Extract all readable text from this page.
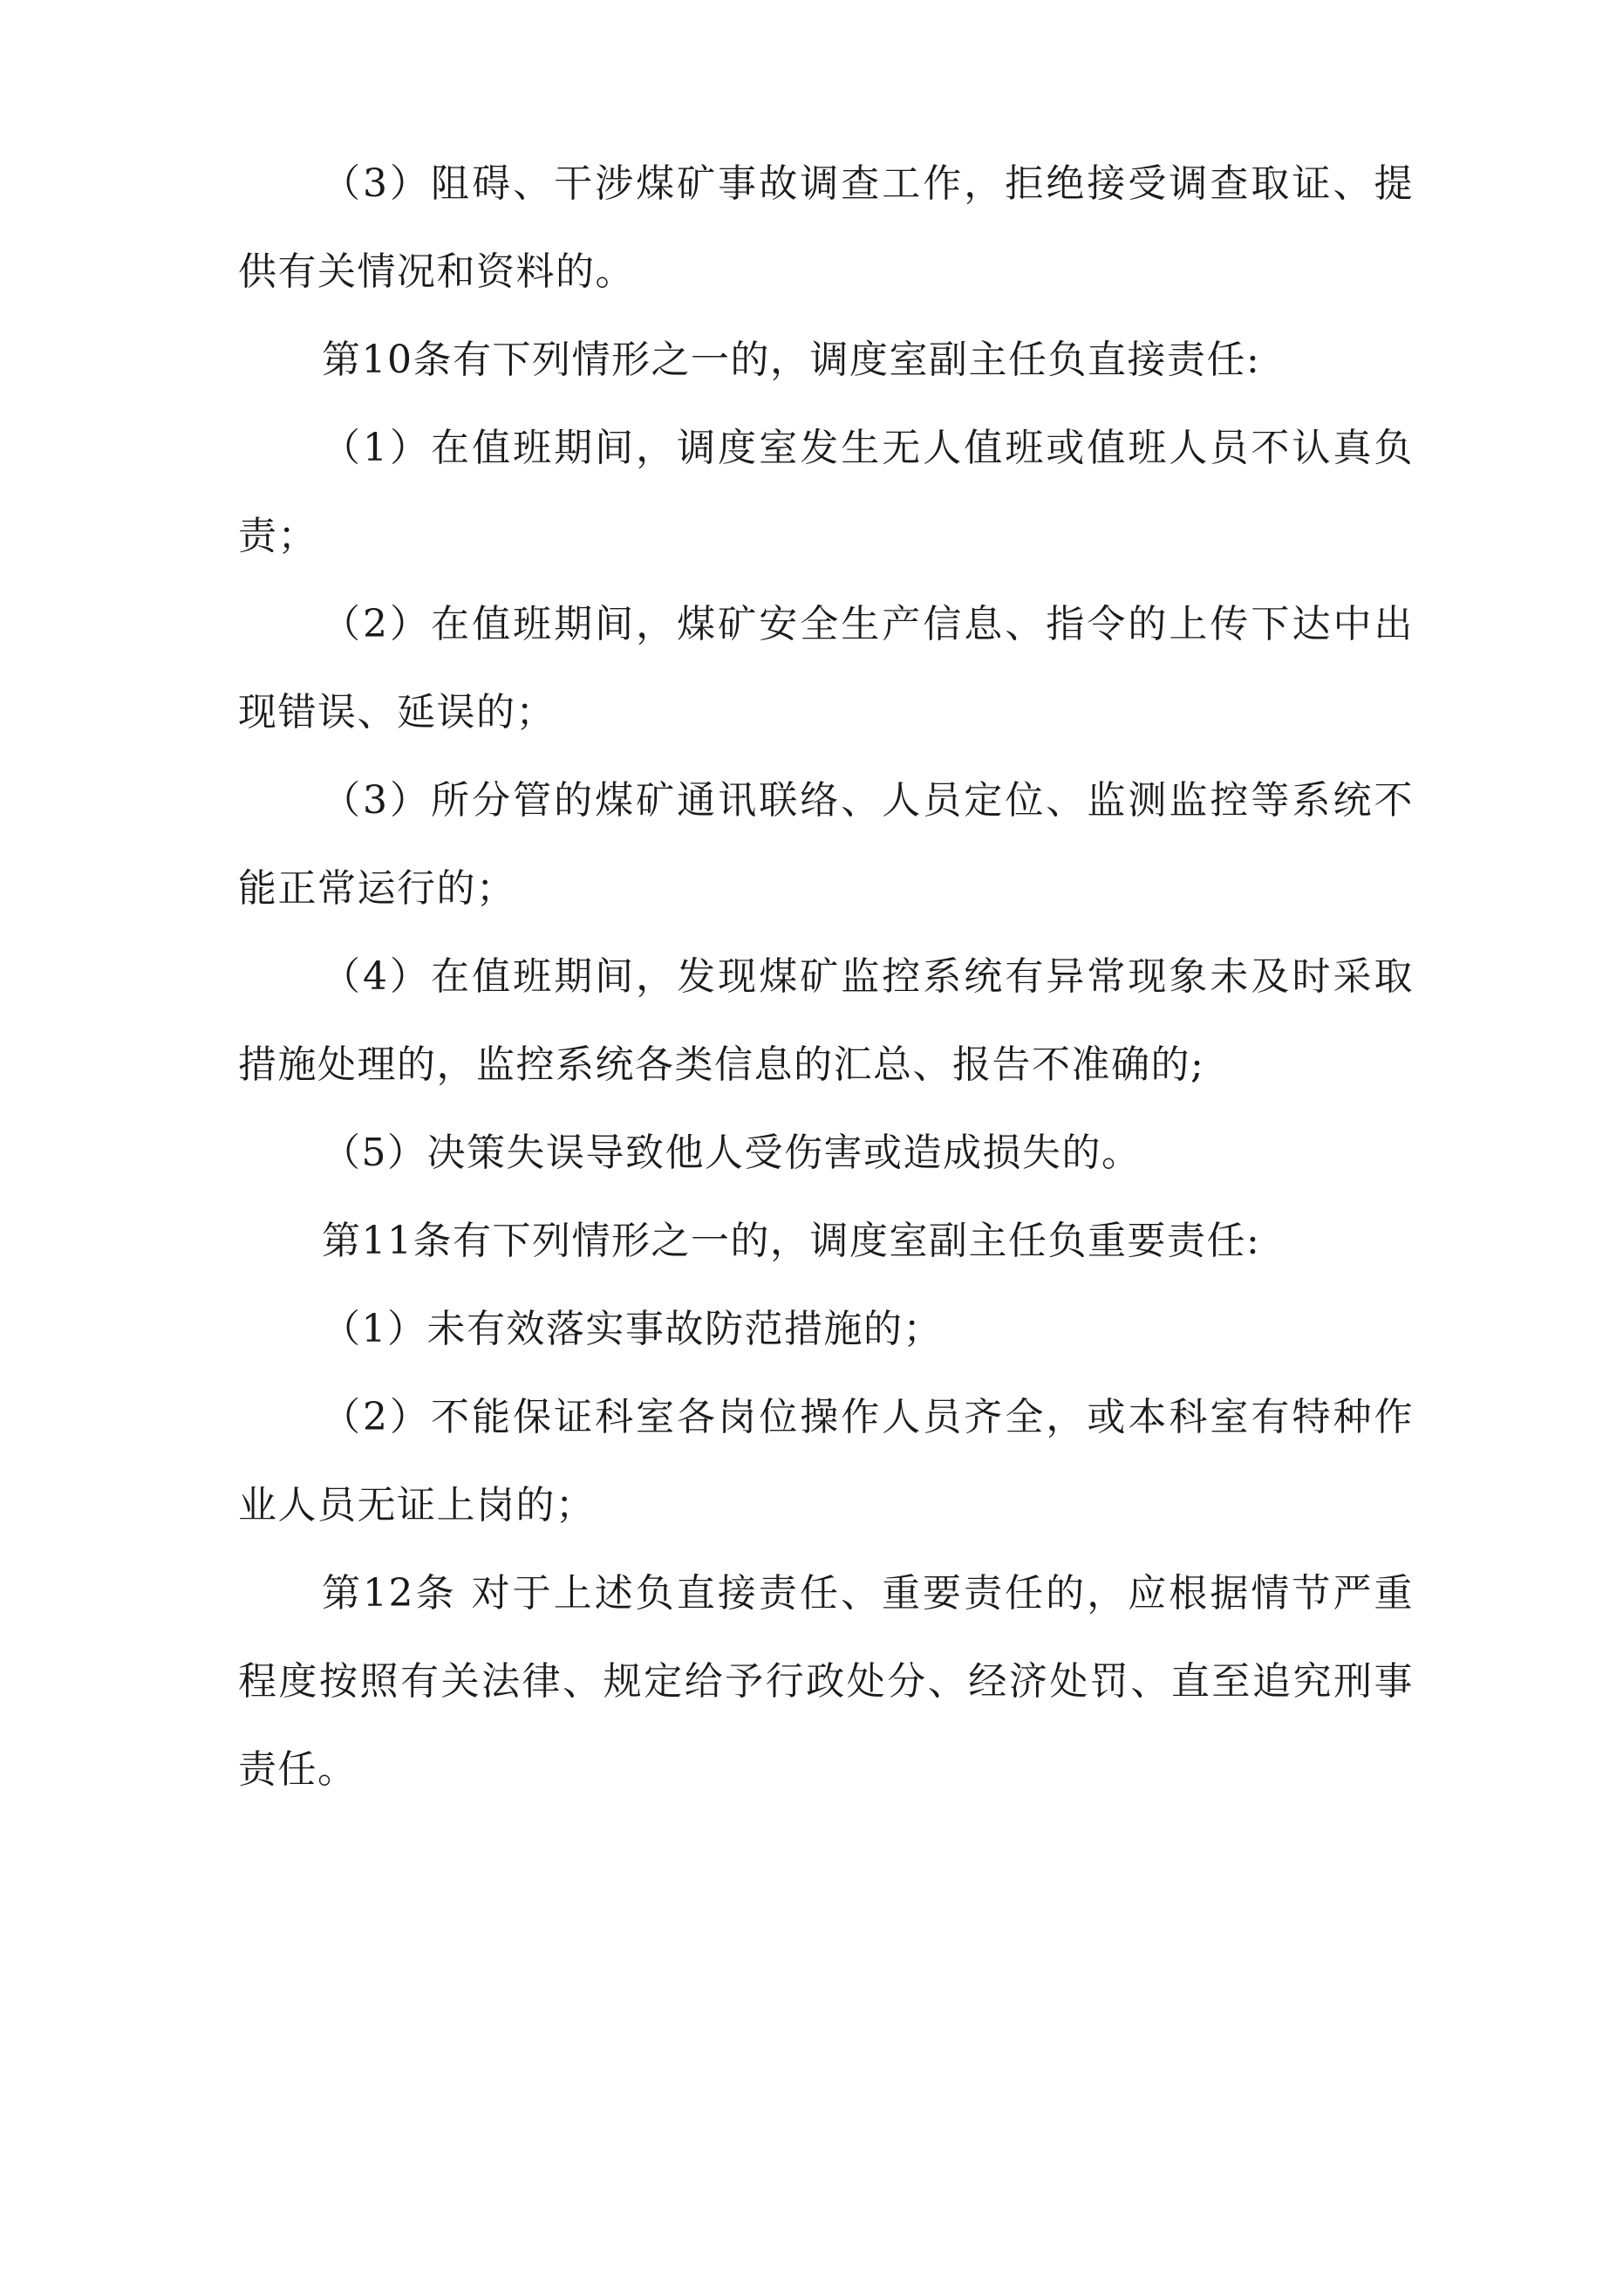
（3）阻碍、干涉煤矿事故调查工作，拒绝接受调查取证、提供有关情况和资料的。

第10条有下列情形之一的，调度室副主任负直接责任:

（1）在值班期间，调度室发生无人值班或值班人员不认真负责；

（2）在值班期间，煤矿安全生产信息、指令的上传下达中出现错误、延误的；

（3）所分管的煤矿通讯联络、人员定位、监测监控等系统不能正常运行的；

（4）在值班期间，发现煤矿监控系统有异常现象未及时采取措施处理的，监控系统各类信息的汇总、报告不准确的;

（5）决策失误导致他人受伤害或造成损失的。

第11条有下列情形之一的，调度室副主任负重要责任:

（1）未有效落实事故防范措施的；

（2）不能保证科室各岗位操作人员齐全，或本科室有特种作业人员无证上岗的；

第12条 对于上述负直接责任、重要责任的，应根据情节严重程度按照有关法律、规定给予行政处分、经济处罚、直至追究刑事责任。
